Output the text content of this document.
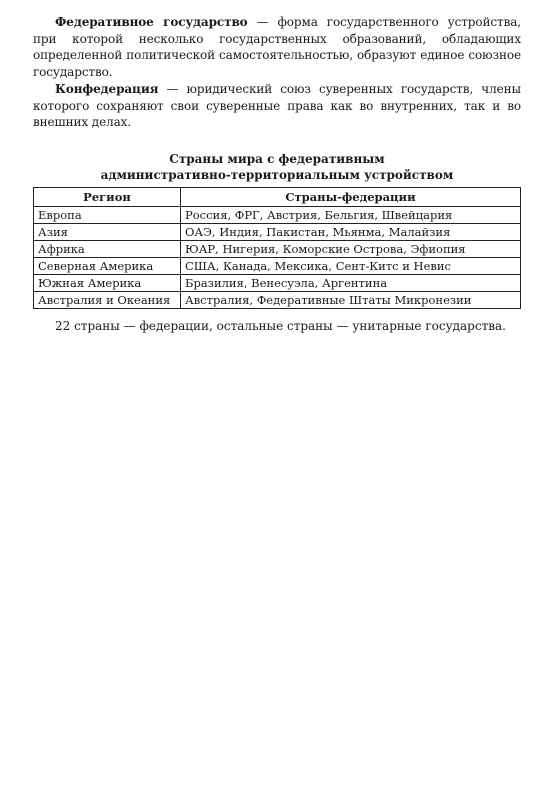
Федеративное государство — форма государственного устройства, при которой несколько государственных образований, обладающих определенной политической самостоятельностью, образуют единое союзное государство.

Конфедерация — юридический союз суверенных государств, члены которого сохраняют свои суверенные права как во внутренних, так и во внешних делах.

Страны мира с федеративным
административно-территориальным устройством
Регион	Страны-федерации
Европа	Россия, ФРГ, Австрия, Бельгия, Швейцария
Азия	ОАЭ, Индия, Пакистан, Мьянма, Малайзия
Африка	ЮАР, Нигерия, Коморские Острова, Эфиопия
Северная Америка	США, Канада, Мексика, Сент-Китс и Невис
Южная Америка	Бразилия, Венесуэла, Аргентина
Австралия и Океания	Австралия, Федеративные Штаты Микронезии

22 страны — федерации, остальные страны — унитарные государства.
